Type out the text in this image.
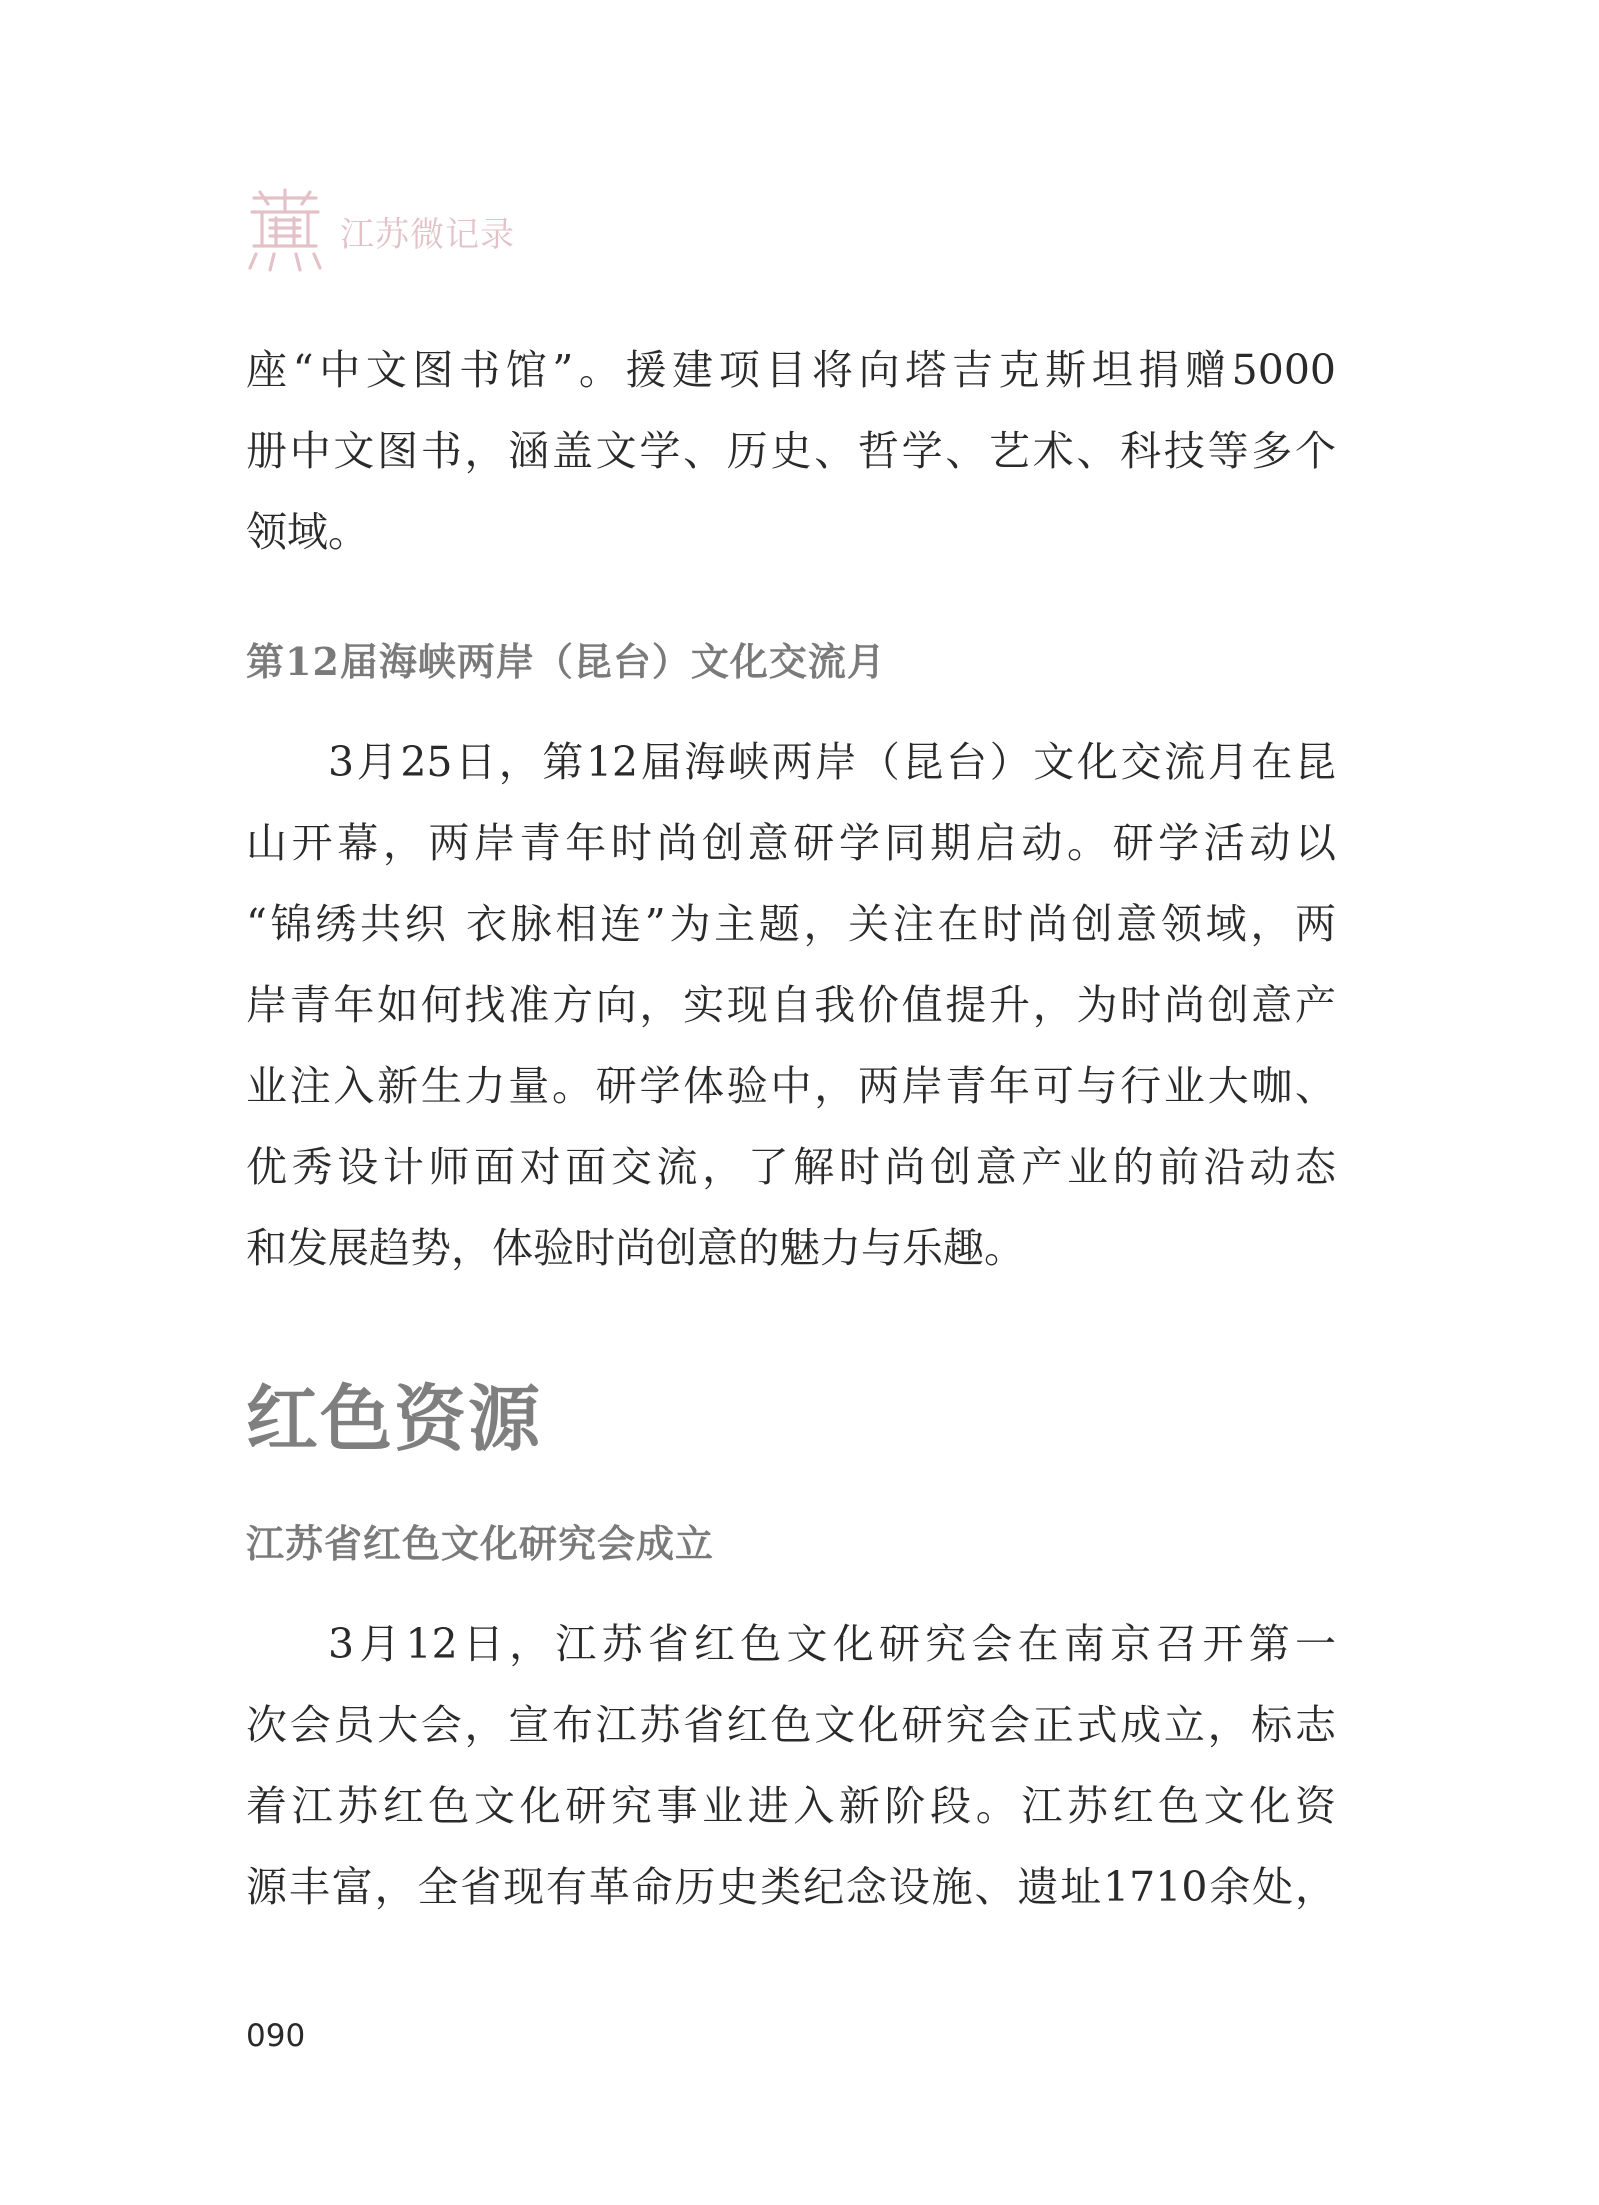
江苏微记录

座“中文图书馆”。援建项目将向塔吉克斯坦捐赠5000
册中文图书，涵盖文学、历史、哲学、艺术、科技等多个
领域。

第12届海峡两岸（昆台）文化交流月

3月25日，第12届海峡两岸（昆台）文化交流月在昆
山开幕，两岸青年时尚创意研学同期启动。研学活动以
“锦绣共织 衣脉相连”为主题，关注在时尚创意领域，两
岸青年如何找准方向，实现自我价值提升，为时尚创意产
业注入新生力量。研学体验中，两岸青年可与行业大咖、
优秀设计师面对面交流，了解时尚创意产业的前沿动态
和发展趋势，体验时尚创意的魅力与乐趣。

红色资源
江苏省红色文化研究会成立

3月12日，江苏省红色文化研究会在南京召开第一
次会员大会，宣布江苏省红色文化研究会正式成立，标志
着江苏红色文化研究事业进入新阶段。江苏红色文化资
源丰富，全省现有革命历史类纪念设施、遗址1710余处，

090
